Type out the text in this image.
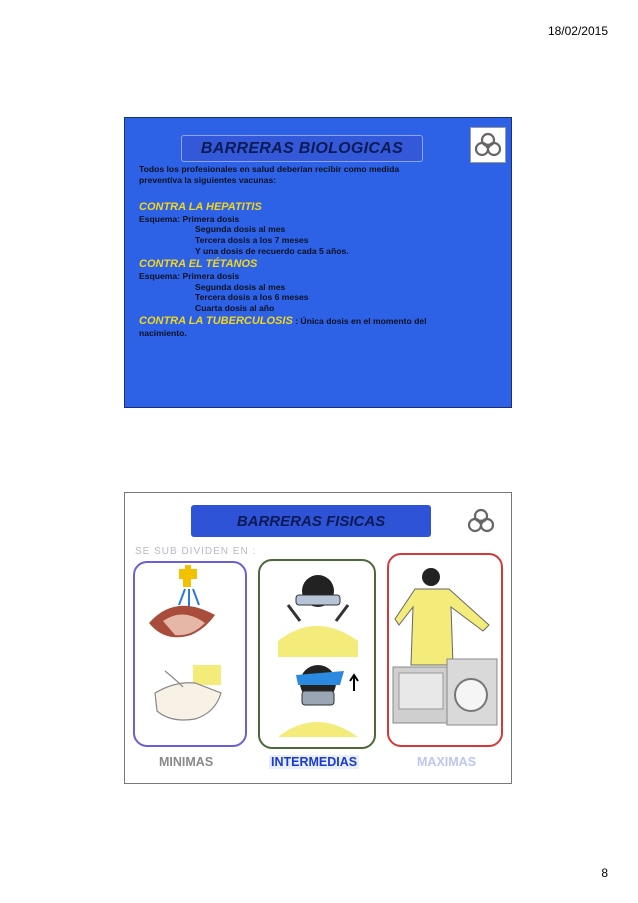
18/02/2015
BARRERAS BIOLOGICAS
Todos los profesionales en salud deberían recibir como medida
preventiva la siguientes vacunas:
CONTRA LA HEPATITIS
Esquema: Primera dosis
Segunda dosis al mes
Tercera dosis a los 7 meses
Y una dosis de recuerdo cada 5 años.
CONTRA EL TÉTANOS
Esquema: Primera dosis
Segunda dosis al mes
Tercera dosis a los 6 meses
Cuarta dosis al año
CONTRA LA TUBERCULOSIS : Única dosis en el momento del
nacimiento.
BARRERAS FISICAS
SE SUB DIVIDEN EN :
MINIMAS	INTERMEDIAS	MAXIMAS
8
